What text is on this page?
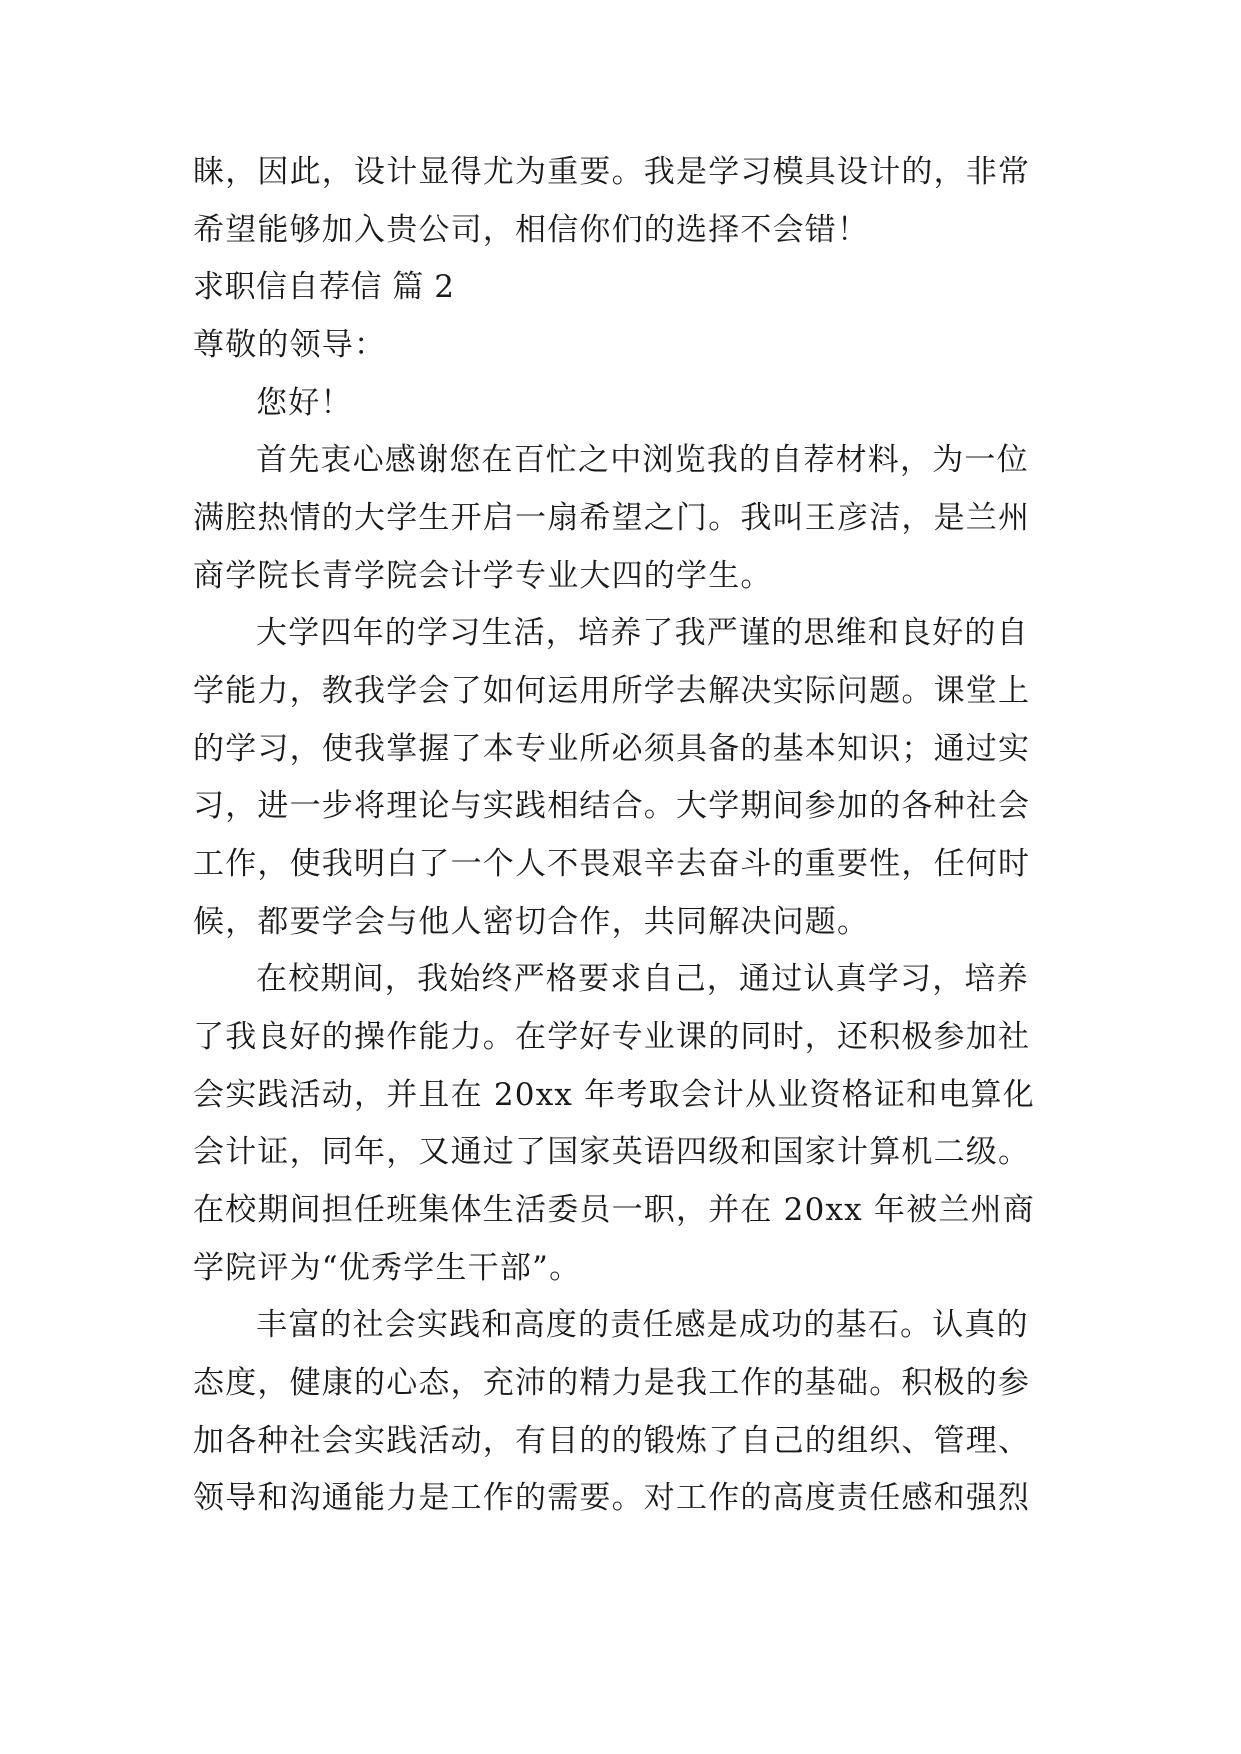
睐，因此，设计显得尤为重要。我是学习模具设计的，非常
希望能够加入贵公司，相信你们的选择不会错！
求职信自荐信 篇 2
尊敬的领导：
您好！
首先衷心感谢您在百忙之中浏览我的自荐材料，为一位
满腔热情的大学生开启一扇希望之门。我叫王彦洁，是兰州
商学院长青学院会计学专业大四的学生。
大学四年的学习生活，培养了我严谨的思维和良好的自
学能力，教我学会了如何运用所学去解决实际问题。课堂上
的学习，使我掌握了本专业所必须具备的基本知识；通过实
习，进一步将理论与实践相结合。大学期间参加的各种社会
工作，使我明白了一个人不畏艰辛去奋斗的重要性，任何时
候，都要学会与他人密切合作，共同解决问题。
在校期间，我始终严格要求自己，通过认真学习，培养
了我良好的操作能力。在学好专业课的同时，还积极参加社
会实践活动，并且在 20xx 年考取会计从业资格证和电算化
会计证，同年，又通过了国家英语四级和国家计算机二级。
在校期间担任班集体生活委员一职，并在 20xx 年被兰州商
学院评为“优秀学生干部”。
丰富的社会实践和高度的责任感是成功的基石。认真的
态度，健康的心态，充沛的精力是我工作的基础。积极的参
加各种社会实践活动，有目的的锻炼了自己的组织、管理、
领导和沟通能力是工作的需要。对工作的高度责任感和强烈
